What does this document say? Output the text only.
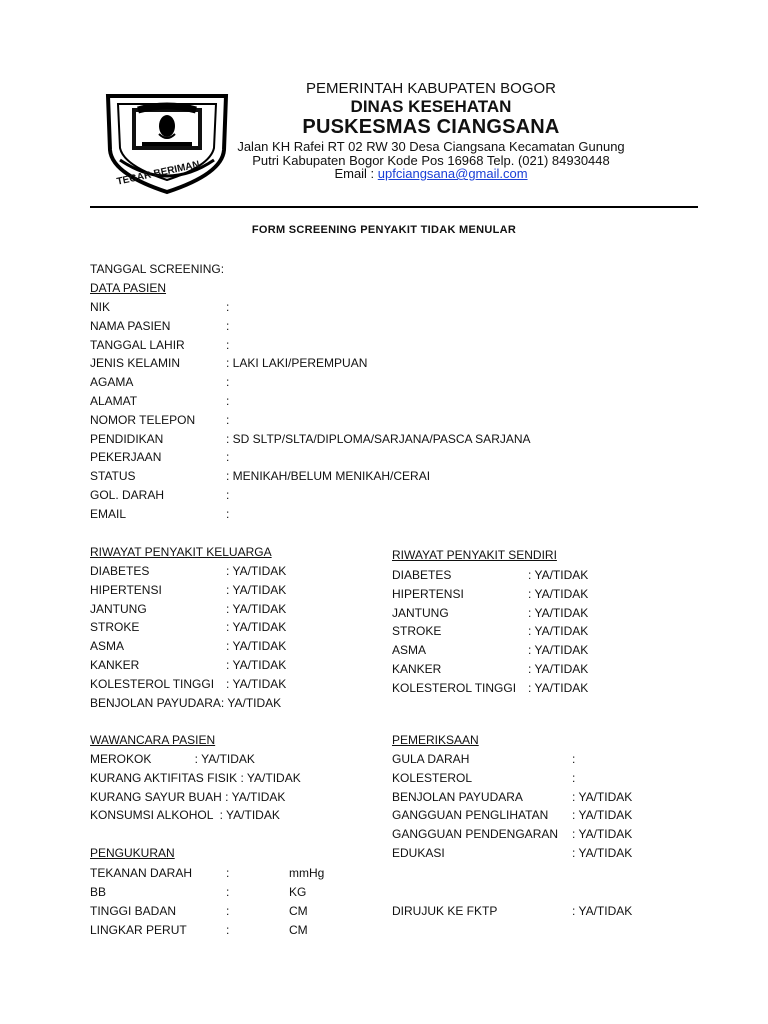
TEGAR BERIMAN
PEMERINTAH KABUPATEN BOGOR
DINAS KESEHATAN
PUSKESMAS CIANGSANA
Jalan KH Rafei RT 02 RW 30 Desa Ciangsana Kecamatan Gunung
Putri Kabupaten Bogor Kode Pos 16968 Telp. (021) 84930448
Email : upfciangsana@gmail.com
FORM SCREENING PENYAKIT TIDAK MENULAR
TANGGAL SCREENING:
DATA PASIEN
NIK	:
NAMA PASIEN	:
TANGGAL LAHIR	:
JENIS KELAMIN	: LAKI LAKI/PEREMPUAN
AGAMA	:
ALAMAT	:
NOMOR TELEPON	:
PENDIDIKAN	: SD SLTP/SLTA/DIPLOMA/SARJANA/PASCA SARJANA
PEKERJAAN	:
STATUS	: MENIKAH/BELUM MENIKAH/CERAI
GOL. DARAH	:
EMAIL	:
RIWAYAT PENYAKIT KELUARGA
DIABETES	: YA/TIDAK
HIPERTENSI	: YA/TIDAK
JANTUNG	: YA/TIDAK
STROKE	: YA/TIDAK
ASMA	: YA/TIDAK
KANKER	: YA/TIDAK
KOLESTEROL TINGGI : YA/TIDAK
BENJOLAN PAYUDARA: YA/TIDAK
RIWAYAT PENYAKIT SENDIRI
DIABETES	: YA/TIDAK
HIPERTENSI	: YA/TIDAK
JANTUNG	: YA/TIDAK
STROKE	: YA/TIDAK
ASMA	: YA/TIDAK
KANKER	: YA/TIDAK
KOLESTEROL TINGGI : YA/TIDAK
WAWANCARA PASIEN
MEROKOK             : YA/TIDAK
KURANG AKTIFITAS FISIK : YA/TIDAK
KURANG SAYUR BUAH : YA/TIDAK
KONSUMSI ALKOHOL  : YA/TIDAK
PEMERIKSAAN
GULA DARAH	:
KOLESTEROL	:
BENJOLAN PAYUDARA	: YA/TIDAK
GANGGUAN PENGLIHATAN : YA/TIDAK
GANGGUAN PENDENGARAN : YA/TIDAK
EDUKASI	: YA/TIDAK
DIRUJUK KE FKTP	: YA/TIDAK
PENGUKURAN
TEKANAN DARAH	:	mmHg
BB	:	KG
TINGGI BADAN	:	CM
LINGKAR PERUT	:	CM
